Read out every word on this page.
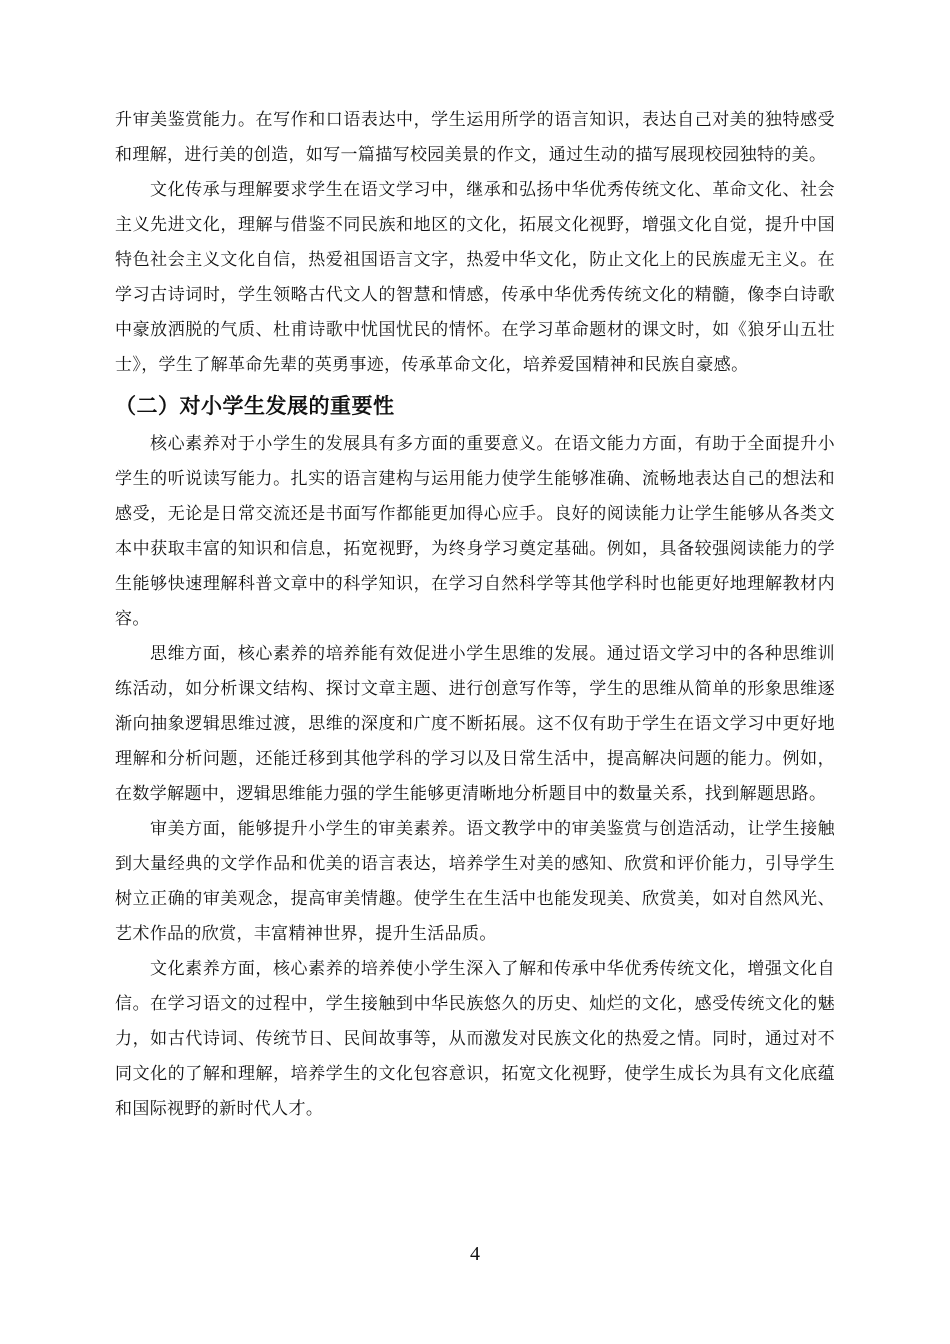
升审美鉴赏能力。在写作和口语表达中，学生运用所学的语言知识，表达自己对美的独特感受和理解，进行美的创造，如写一篇描写校园美景的作文，通过生动的描写展现校园独特的美。

文化传承与理解要求学生在语文学习中，继承和弘扬中华优秀传统文化、革命文化、社会主义先进文化，理解与借鉴不同民族和地区的文化，拓展文化视野，增强文化自觉，提升中国特色社会主义文化自信，热爱祖国语言文字，热爱中华文化，防止文化上的民族虚无主义。在学习古诗词时，学生领略古代文人的智慧和情感，传承中华优秀传统文化的精髓，像李白诗歌中豪放洒脱的气质、杜甫诗歌中忧国忧民的情怀。在学习革命题材的课文时，如《狼牙山五壮士》，学生了解革命先辈的英勇事迹，传承革命文化，培养爱国精神和民族自豪感。

（二）对小学生发展的重要性

核心素养对于小学生的发展具有多方面的重要意义。在语文能力方面，有助于全面提升小学生的听说读写能力。扎实的语言建构与运用能力使学生能够准确、流畅地表达自己的想法和感受，无论是日常交流还是书面写作都能更加得心应手。良好的阅读能力让学生能够从各类文本中获取丰富的知识和信息，拓宽视野，为终身学习奠定基础。例如，具备较强阅读能力的学生能够快速理解科普文章中的科学知识，在学习自然科学等其他学科时也能更好地理解教材内容。

思维方面，核心素养的培养能有效促进小学生思维的发展。通过语文学习中的各种思维训练活动，如分析课文结构、探讨文章主题、进行创意写作等，学生的思维从简单的形象思维逐渐向抽象逻辑思维过渡，思维的深度和广度不断拓展。这不仅有助于学生在语文学习中更好地理解和分析问题，还能迁移到其他学科的学习以及日常生活中，提高解决问题的能力。例如，在数学解题中，逻辑思维能力强的学生能够更清晰地分析题目中的数量关系，找到解题思路。

审美方面，能够提升小学生的审美素养。语文教学中的审美鉴赏与创造活动，让学生接触到大量经典的文学作品和优美的语言表达，培养学生对美的感知、欣赏和评价能力，引导学生树立正确的审美观念，提高审美情趣。使学生在生活中也能发现美、欣赏美，如对自然风光、艺术作品的欣赏，丰富精神世界，提升生活品质。

文化素养方面，核心素养的培养使小学生深入了解和传承中华优秀传统文化，增强文化自信。在学习语文的过程中，学生接触到中华民族悠久的历史、灿烂的文化，感受传统文化的魅力，如古代诗词、传统节日、民间故事等，从而激发对民族文化的热爱之情。同时，通过对不同文化的了解和理解，培养学生的文化包容意识，拓宽文化视野，使学生成长为具有文化底蕴和国际视野的新时代人才。

4
